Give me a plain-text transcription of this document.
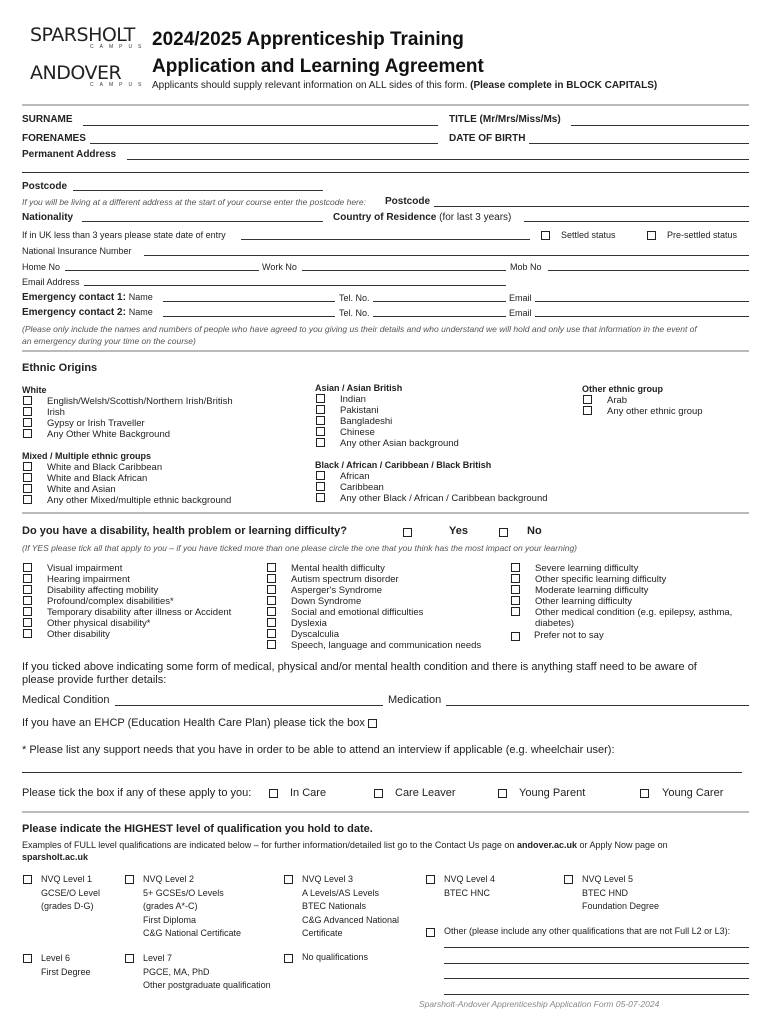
SPARSHOLT
CAMPUS
ANDOVER
CAMPUS
2024/2025 Apprenticeship Training
Application and Learning Agreement
Applicants should supply relevant information on ALL sides of this form. (Please complete in BLOCK CAPITALS)
SURNAME	TITLE (Mr/Mrs/Miss/Ms)
FORENAMES	DATE OF BIRTH
Permanent Address
Postcode
If you will be living at a different address at the start of your course enter the postcode here: Postcode
Nationality	Country of Residence (for last 3 years)
If in UK less than 3 years please state date of entry	Settled status	Pre-settled status
National Insurance Number
Home No	Work No	Mob No
Email Address
Emergency contact 1: Name	Tel. No.	Email
Emergency contact 2: Name	Tel. No.	Email
(Please only include the names and numbers of people who have agreed to you giving us their details and who understand we will hold and only use that information in the event of
an emergency during your time on the course)
Ethnic Origins
White
English/Welsh/Scottish/Northern Irish/British
Irish
Gypsy or Irish Traveller
Any Other White Background
Mixed / Multiple ethnic groups
White and Black Caribbean
White and Black African
White and Asian
Any other Mixed/multiple ethnic background
Asian / Asian British
Indian
Pakistani
Bangladeshi
Chinese
Any other Asian background
Black / African / Caribbean / Black British
African
Caribbean
Any other Black / African / Caribbean background
Other ethnic group
Arab
Any other ethnic group
Do you have a disability, health problem or learning difficulty?	Yes	No
(If YES please tick all that apply to you – if you have ticked more than one please circle the one that you think has the most impact on your learning)
Visual impairment
Hearing impairment
Disability affecting mobility
Profound/complex disabilities*
Temporary disability after illness or Accident
Other physical disability*
Other disability
Mental health difficulty
Autism spectrum disorder
Asperger's Syndrome
Down Syndrome
Social and emotional difficulties
Dyslexia
Dyscalculia
Speech, language and communication needs
Severe learning difficulty
Other specific learning difficulty
Moderate learning difficulty
Other learning difficulty
Other medical condition (e.g. epilepsy, asthma,
diabetes)
Prefer not to say
If you ticked above indicating some form of medical, physical and/or mental health condition and there is anything staff need to be aware of
please provide further details:
Medical Condition	Medication
If you have an EHCP (Education Health Care Plan) please tick the box
* Please list any support needs that you have in order to be able to attend an interview if applicable (e.g. wheelchair user):
Please tick the box if any of these apply to you:	In Care	Care Leaver	Young Parent	Young Carer
Please indicate the HIGHEST level of qualification you hold to date.
Examples of FULL level qualifications are indicated below – for further information/detailed list go to the Contact Us page on andover.ac.uk or Apply Now page on
sparsholt.ac.uk
NVQ Level 1
GCSE/O Level
(grades D-G)
NVQ Level 2
5+ GCSEs/O Levels
(grades A*-C)
First Diploma
C&G National Certificate
NVQ Level 3
A Levels/AS Levels
BTEC Nationals
C&G Advanced National
Certificate
NVQ Level 4
BTEC HNC
NVQ Level 5
BTEC HND
Foundation Degree
Other (please include any other qualifications that are not Full L2 or L3):
Level 6
First Degree
Level 7
PGCE, MA, PhD
Other postgraduate qualification
No qualifications
Sparsholt-Andover Apprenticeship Application Form 05-07-2024
